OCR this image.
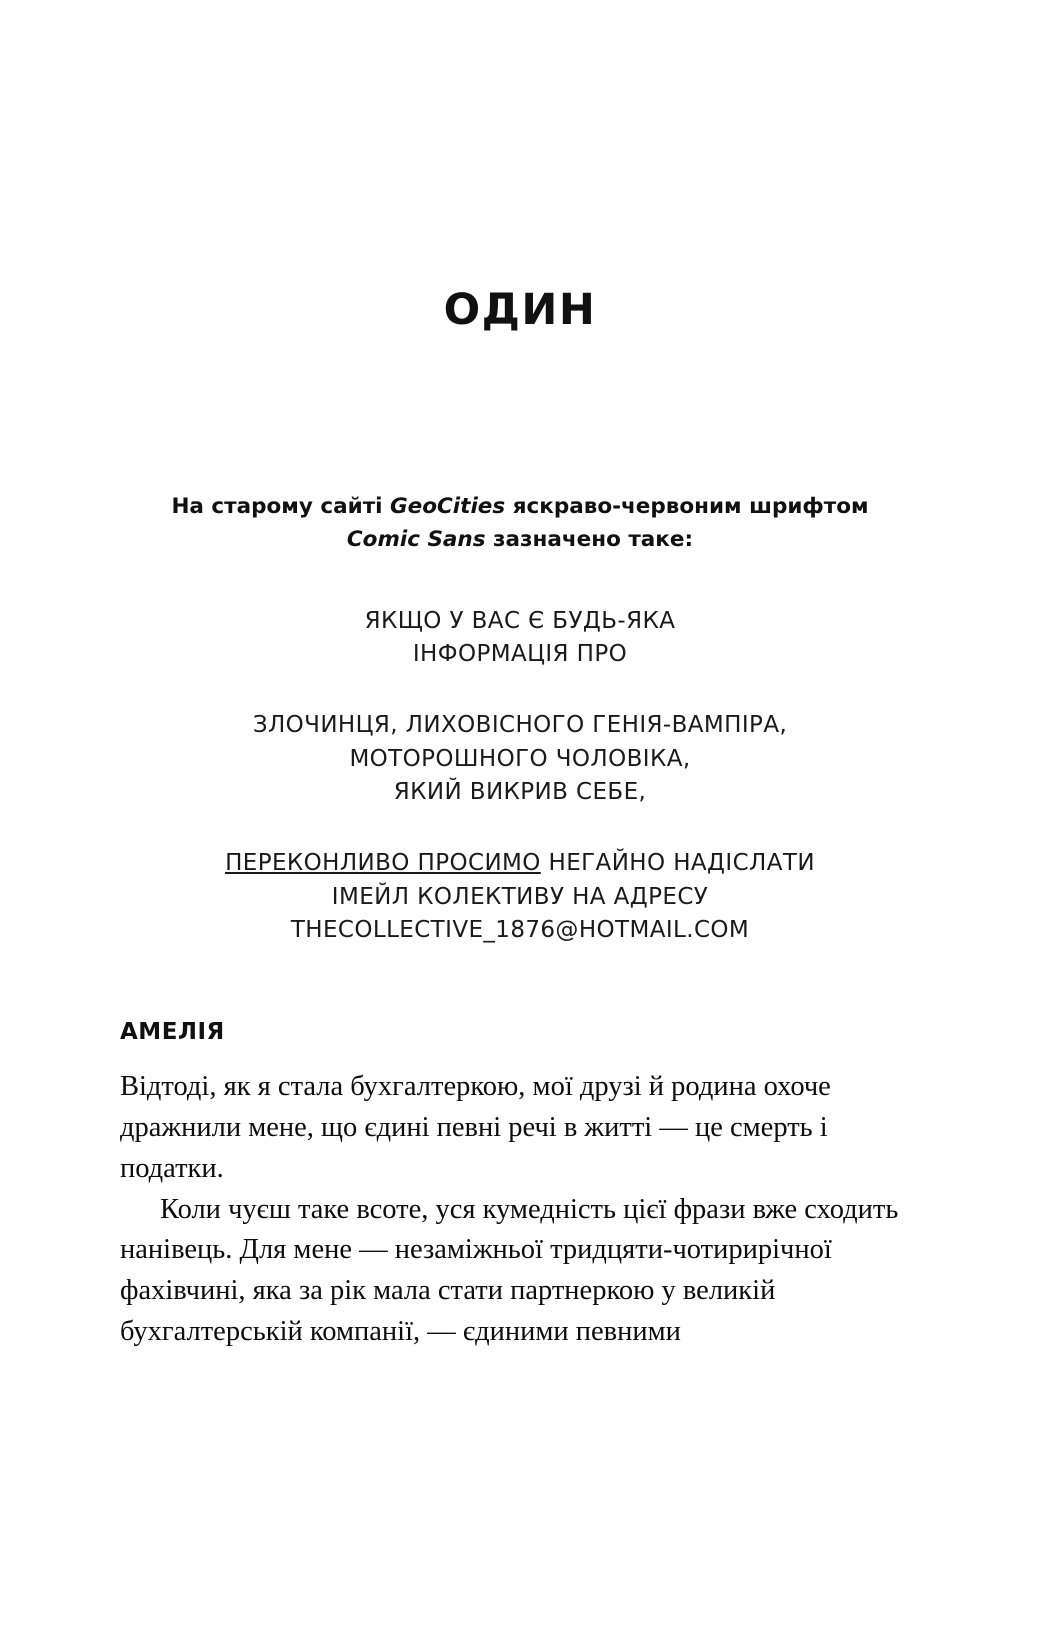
ОДИН
На старому сайті GeoCities яскраво-червоним шрифтом
Comic Sans зазначено таке:

ЯКЩО У ВАС Є БУДЬ-ЯКА
ІНФОРМАЦІЯ ПРО

ЗЛОЧИНЦЯ, ЛИХОВІСНОГО ГЕНІЯ-ВАМПІРА,
МОТОРОШНОГО ЧОЛОВІКА,
ЯКИЙ ВИКРИВ СЕБЕ,

ПЕРЕКОНЛИВО ПРОСИМО НЕГАЙНО НАДІСЛАТИ
ІМЕЙЛ КОЛЕКТИВУ НА АДРЕСУ
THECOLLECTIVE_1876@HOTMAIL.COM

АМЕЛІЯ

Відтоді, як я стала бухгалтеркою, мої друзі й родина охоче дражнили мене, що єдині певні речі в житті — це смерть і податки.

Коли чуєш таке всоте, уся кумедність цієї фрази вже сходить нанівець. Для мене — незаміжньої тридцяти-чотирирічної фахівчині, яка за рік мала стати партнеркою у великій бухгалтерській компанії, — єдиними певними
